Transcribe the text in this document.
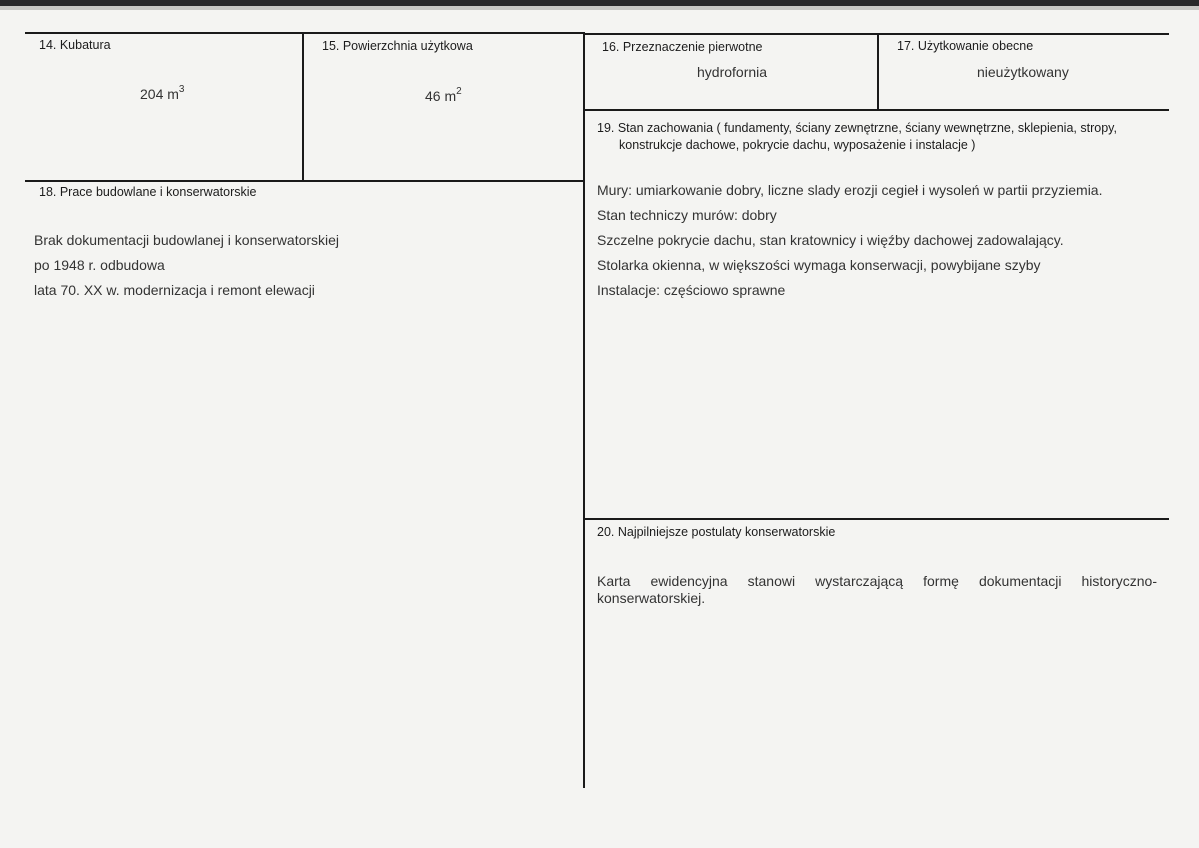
14. Kubatura
204 $m^3$
15. Powierzchnia użytkowa
46 $m^2$
16. Przeznaczenie pierwotne
hydrofornia
17. Użytkowanie obecne
nieużytkowany
19. Stan zachowania ( fundamenty, ściany zewnętrzne, ściany wewnętrzne, sklepienia, stropy, konstrukcje dachowe, pokrycie dachu, wyposażenie i instalacje )
Mury: umiarkowanie dobry, liczne slady erozji cegieł i wysoleń w partii przyziemia.
Stan techniczy murów: dobry
Szczelne pokrycie dachu, stan kratownicy i więźby dachowej zadowalający.
Stolarka okienna, w większości wymaga konserwacji, powybijane szyby
Instalacje: częściowo sprawne
18. Prace budowlane i konserwatorskie
Brak dokumentacji budowlanej i konserwatorskiej
po 1948 r. odbudowa
lata 70. XX w. modernizacja i remont elewacji
20. Najpilniejsze postulaty konserwatorskie
Karta ewidencyjna stanowi wystarczającą formę dokumentacji historyczno-konserwatorskiej.
